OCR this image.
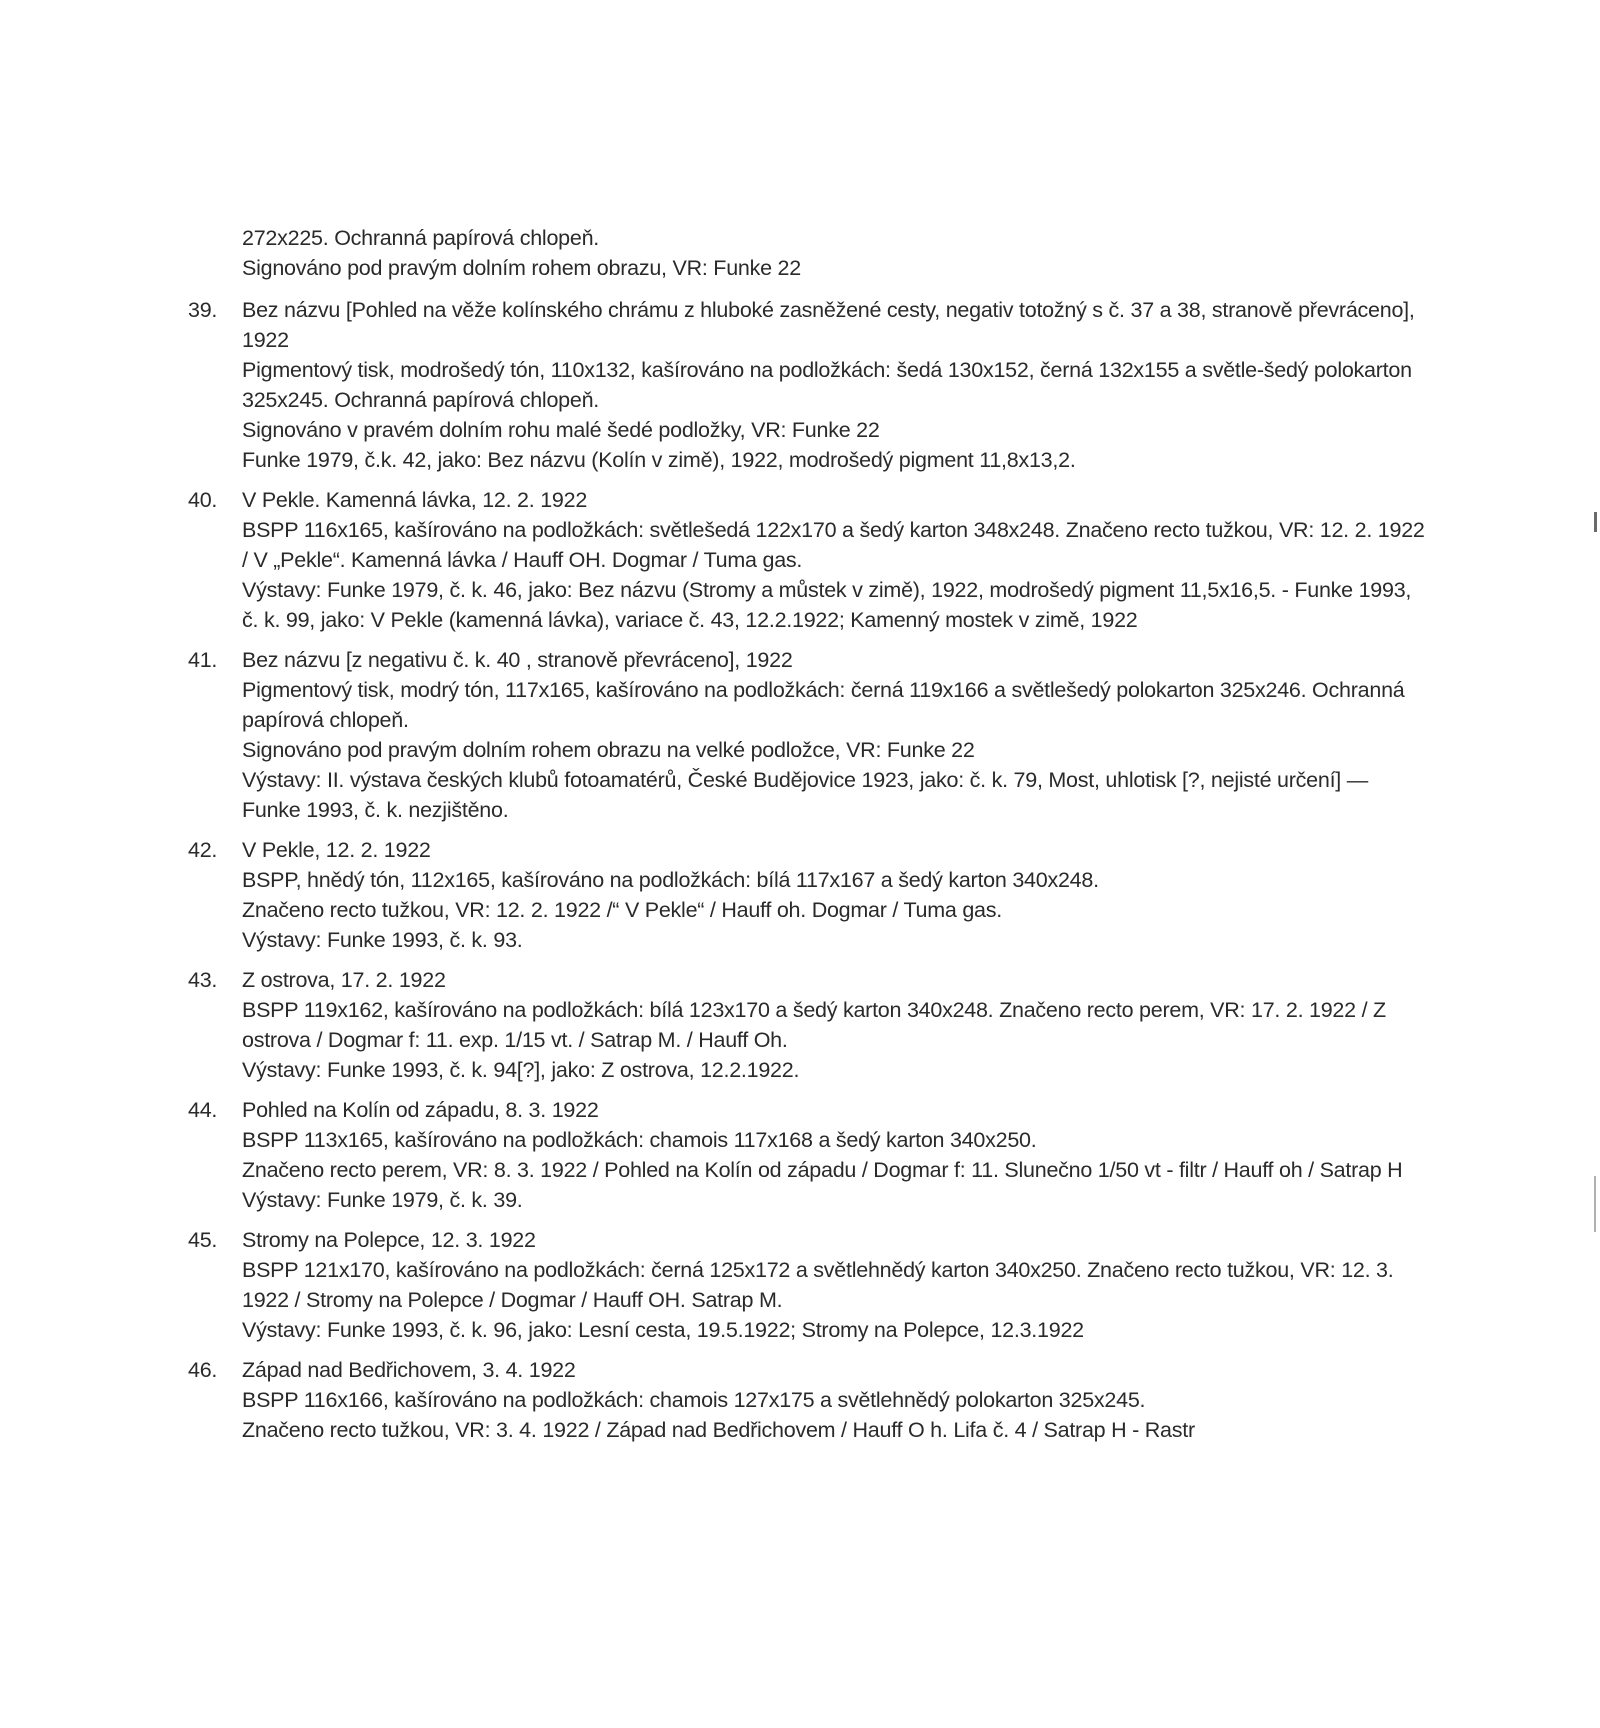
272x225. Ochranná papírová chlopeň.
Signováno pod pravým dolním rohem obrazu, VR: Funke 22
39. Bez názvu [Pohled na věže kolínského chrámu z hluboké zasněžené cesty, negativ totožný s č. 37 a 38, stranově převráceno], 1922
Pigmentový tisk, modrošedý tón, 110x132, kašírováno na podložkách: šedá 130x152, černá 132x155 a světle-šedý polokarton 325x245. Ochranná papírová chlopeň.
Signováno v pravém dolním rohu malé šedé podložky, VR: Funke 22
Funke 1979, č.k. 42, jako: Bez názvu (Kolín v zimě), 1922, modrošedý pigment 11,8x13,2.
40. V Pekle. Kamenná lávka, 12. 2. 1922
BSPP 116x165, kašírováno na podložkách: světlešedá 122x170 a šedý karton 348x248. Značeno recto tužkou, VR: 12. 2. 1922 / V „Pekle“. Kamenná lávka / Hauff OH. Dogmar / Tuma gas.
Výstavy: Funke 1979, č. k. 46, jako: Bez názvu (Stromy a můstek v zimě), 1922, modrošedý pigment 11,5x16,5. - Funke 1993, č. k. 99, jako: V Pekle (kamenná lávka), variace č. 43, 12.2.1922; Kamenný mostek v zimě, 1922
41. Bez názvu [z negativu č. k. 40 , stranově převráceno], 1922
Pigmentový tisk, modrý tón, 117x165, kašírováno na podložkách: černá 119x166 a světlešedý polokarton 325x246. Ochranná papírová chlopeň.
Signováno pod pravým dolním rohem obrazu na velké podložce, VR: Funke 22
Výstavy: II. výstava českých klubů fotoamatérů, České Budějovice 1923, jako: č. k. 79, Most, uhlotisk [?, nejisté určení] — Funke 1993, č. k. nezjištěno.
42. V Pekle, 12. 2. 1922
BSPP, hnědý tón, 112x165, kašírováno na podložkách: bílá 117x167 a šedý karton 340x248.
Značeno recto tužkou, VR: 12. 2. 1922 /“ V Pekle“ / Hauff oh. Dogmar / Tuma gas.
Výstavy: Funke 1993, č. k. 93.
43. Z ostrova, 17. 2. 1922
BSPP 119x162, kašírováno na podložkách: bílá 123x170 a šedý karton 340x248. Značeno recto perem, VR: 17. 2. 1922 / Z ostrova / Dogmar f: 11. exp. 1/15 vt. / Satrap M. / Hauff Oh.
Výstavy: Funke 1993, č. k. 94[?], jako: Z ostrova, 12.2.1922.
44. Pohled na Kolín od západu, 8. 3. 1922
BSPP 113x165, kašírováno na podložkách: chamois 117x168 a šedý karton 340x250.
Značeno recto perem, VR: 8. 3. 1922 / Pohled na Kolín od západu / Dogmar f: 11. Slunečno 1/50 vt - filtr / Hauff oh / Satrap H
Výstavy: Funke 1979, č. k. 39.
45. Stromy na Polepce, 12. 3. 1922
BSPP 121x170, kašírováno na podložkách: černá 125x172 a světlehnědý karton 340x250. Značeno recto tužkou, VR: 12. 3. 1922 / Stromy na Polepce / Dogmar / Hauff OH. Satrap M.
Výstavy: Funke 1993, č. k. 96, jako: Lesní cesta, 19.5.1922; Stromy na Polepce, 12.3.1922
46. Západ nad Bedřichovem, 3. 4. 1922
BSPP 116x166, kašírováno na podložkách: chamois 127x175 a světlehnědý polokarton 325x245.
Značeno recto tužkou, VR: 3. 4. 1922 / Západ nad Bedřichovem / Hauff O h. Lifa č. 4 / Satrap H - Rastr
